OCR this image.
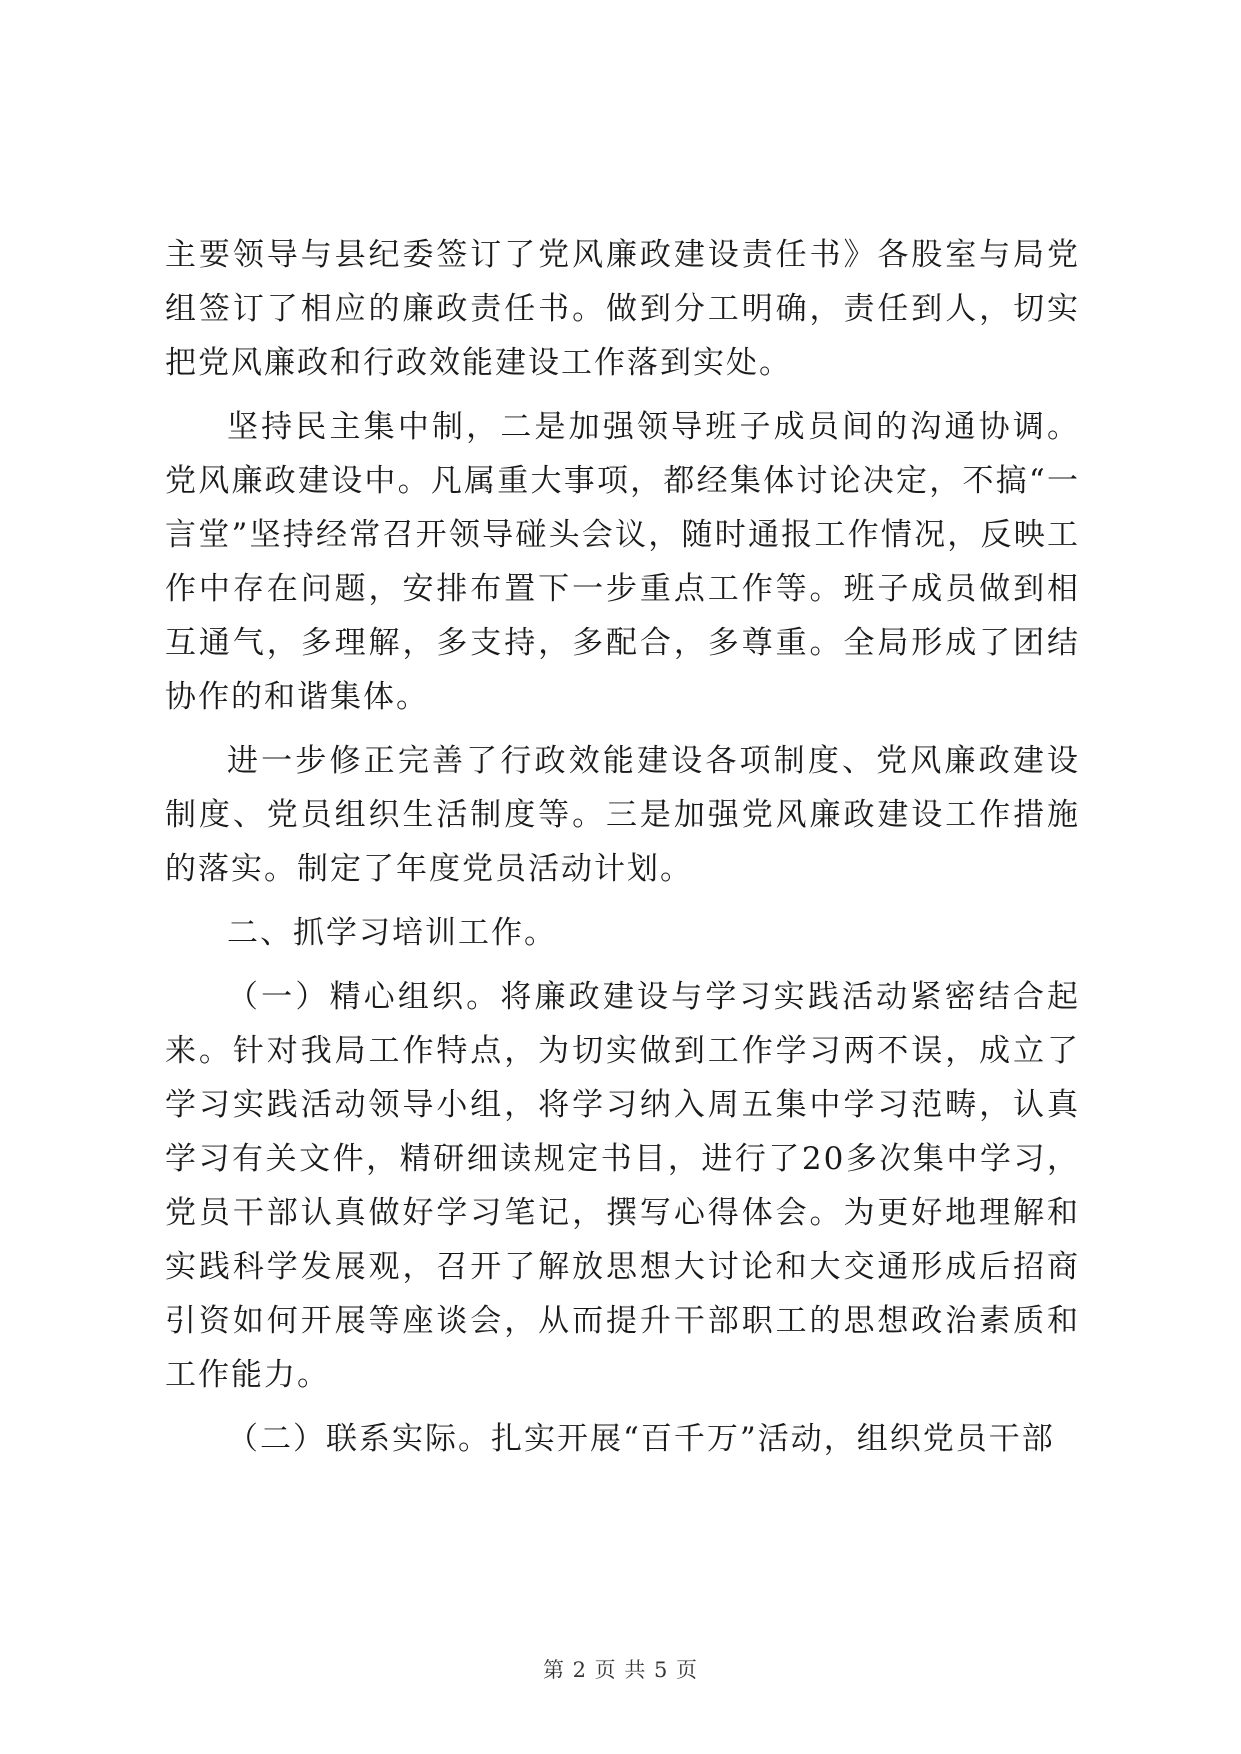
主要领导与县纪委签订了党风廉政建设责任书》各股室与局党组签订了相应的廉政责任书。做到分工明确，责任到人，切实把党风廉政和行政效能建设工作落到实处。

坚持民主集中制，二是加强领导班子成员间的沟通协调。党风廉政建设中。凡属重大事项，都经集体讨论决定，不搞“一言堂”坚持经常召开领导碰头会议，随时通报工作情况，反映工作中存在问题，安排布置下一步重点工作等。班子成员做到相互通气，多理解，多支持，多配合，多尊重。全局形成了团结协作的和谐集体。

进一步修正完善了行政效能建设各项制度、党风廉政建设制度、党员组织生活制度等。三是加强党风廉政建设工作措施的落实。制定了年度党员活动计划。

二、抓学习培训工作。

（一）精心组织。将廉政建设与学习实践活动紧密结合起来。针对我局工作特点，为切实做到工作学习两不误，成立了学习实践活动领导小组，将学习纳入周五集中学习范畴，认真学习有关文件，精研细读规定书目，进行了20多次集中学习，党员干部认真做好学习笔记，撰写心得体会。为更好地理解和实践科学发展观，召开了解放思想大讨论和大交通形成后招商引资如何开展等座谈会，从而提升干部职工的思想政治素质和工作能力。

（二）联系实际。扎实开展“百千万”活动，组织党员干部

第 2 页 共 5 页
